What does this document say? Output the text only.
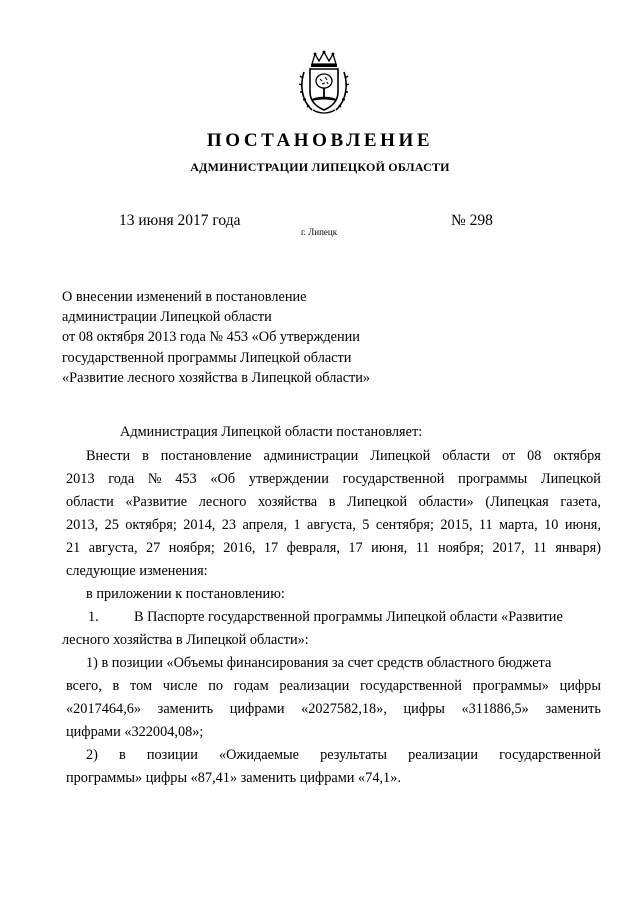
ПОСТАНОВЛЕНИЕ
АДМИНИСТРАЦИИ ЛИПЕЦКОЙ ОБЛАСТИ
13 июня 2017 года
г. Липецк
№ 298

О внесении изменений в постановление
администрации Липецкой области
от 08 октября 2013 года № 453 «Об утверждении
государственной программы Липецкой области
«Развитие лесного хозяйства в Липецкой области»

Администрация Липецкой области постановляет:
Внести в постановление администрации Липецкой области от 08 октября
2013 года № 453 «Об утверждении государственной программы Липецкой
области «Развитие лесного хозяйства в Липецкой области» (Липецкая газета,
2013, 25 октября; 2014, 23 апреля, 1 августа, 5 сентября; 2015, 11 марта, 10 июня,
21 августа, 27 ноября; 2016, 17 февраля, 17 июня, 11 ноября; 2017, 11 января)
следующие изменения:
в приложении к постановлению:
1.	В Паспорте государственной программы Липецкой области «Развитие
лесного хозяйства в Липецкой области»:
1) в позиции «Объемы финансирования за счет средств областного бюджета
всего, в том числе по годам реализации государственной программы» цифры
«2017464,6» заменить цифрами «2027582,18», цифры «311886,5» заменить
цифрами «322004,08»;
2) в позиции «Ожидаемые результаты реализации государственной
программы» цифры «87,41» заменить цифрами «74,1».
